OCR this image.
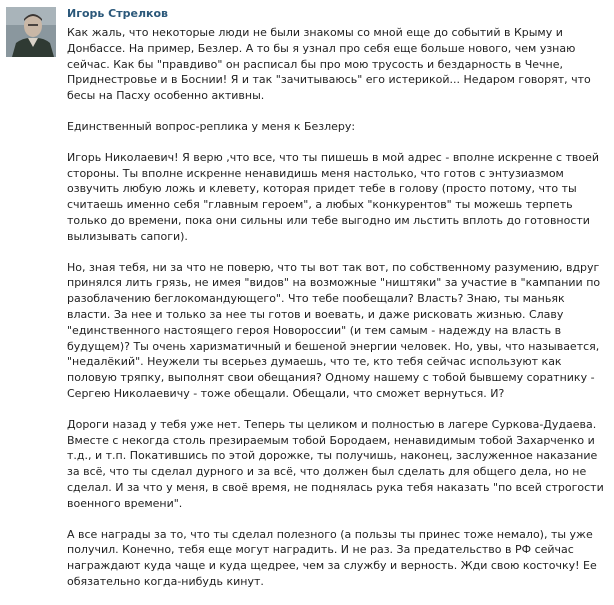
Игорь Стрелков

Как жаль, что некоторые люди не были знакомы со мной еще до событий в Крыму и Донбассе. На пример, Безлер. А то бы я узнал про себя еще больше нового, чем узнаю сейчас. Как бы "правдиво" он расписал бы про мою трусость и бездарность в Чечне, Приднестровье и в Боснии! Я и так "зачитываюсь" его истерикой... Недаром говорят, что бесы на Пасху особенно активны.

Единственный вопрос-реплика у меня к Безлеру:

Игорь Николаевич! Я верю ,что все, что ты пишешь в мой адрес - вполне искренне с твоей стороны. Ты вполне искренне ненавидишь меня настолько, что готов с энтузиазмом озвучить любую ложь и клевету, которая придет тебе в голову (просто потому, что ты считаешь именно себя "главным героем", а любых "конкурентов" ты можешь терпеть только до времени, пока они сильны или тебе выгодно им льстить вплоть до готовности вылизывать сапоги).

Но, зная тебя, ни за что не поверю, что ты вот так вот, по собственному разумению, вдруг принялся лить грязь, не имея "видов" на возможные "ништяки" за участие в "кампании по разоблачению беглокомандующего". Что тебе пообещали? Власть? Знаю, ты маньяк власти. За нее и только за нее ты готов и воевать, и даже рисковать жизнью. Славу "единственного настоящего героя Новороссии" (и тем самым - надежду на власть в будущем)? Ты очень харизматичный и бешеной энергии человек. Но, увы, что называется, "недалёкий". Неужели ты всерьез думаешь, что те, кто тебя сейчас используют как половую тряпку, выполнят свои обещания? Одному нашему с тобой бывшему соратнику - Сергею Николаевичу - тоже обещали. Обещали, что сможет вернуться. И?

Дороги назад у тебя уже нет. Теперь ты целиком и полностью в лагере Суркова-Дудаева. Вместе с некогда столь презираемым тобой Бородаем, ненавидимым тобой Захарченко и т.д., и т.п. Покатившись по этой дорожке, ты получишь, наконец, заслуженное наказание за всё, что ты сделал дурного и за всё, что должен был сделать для общего дела, но не сделал. И за что у меня, в своё время, не поднялась рука тебя наказать "по всей строгости военного времени".

А все награды за то, что ты сделал полезного (а пользы ты принес тоже немало), ты уже получил. Конечно, тебя еще могут наградить. И не раз. За предательство в РФ сейчас награждают куда чаще и куда щедрее, чем за службу и верность. Жди свою косточку! Ее обязательно когда-нибудь кинут.
